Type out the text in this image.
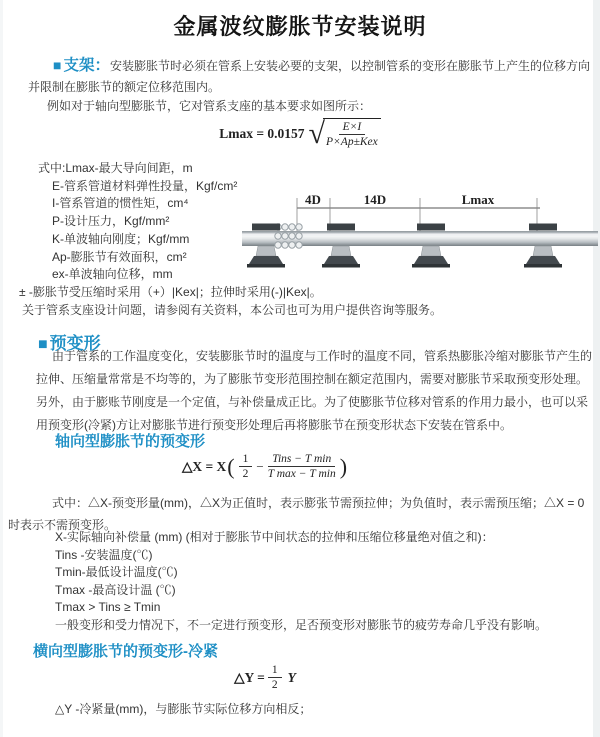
金属波纹膨胀节安装说明
■ 支架：安装膨胀节时必须在管系上安装必要的支架，以控制管系的变形在膨胀节上产生的位移方向并限制在膨胀节的额定位移范围内。
例如对于轴向型膨胀节，它对管系支座的基本要求如图所示：
Lmax = 0.0157 √ $\frac{E\times I}{\text{P×Ap±Kex}}$
式中:Lmax-最大导向间距，m
E-管系管道材料弹性投量，Kgf/cm²
I-管系管道的惯性矩，cm⁴
P-设计压力，Kgf/mm²
K-单波轴向刚度；Kgf/mm
Ap-膨胀节有效面积，cm²
ex-单波轴向位移，mm
± -膨胀节受压缩时采用（+）|Kex|；拉伸时采用(-)|Kex|。
关于管系支座设计问题，请参阅有关资料，本公司也可为用户提供咨询等服务。
4D	14D	Lmax
■ 预变形
由于管系的工作温度变化，安装膨胀节时的温度与工作时的温度不同，管系热膨胀冷缩对膨胀节产生的拉伸、压缩量常常是不均等的，为了膨胀节变形范围控制在额定范围内，需要对膨胀节采取预变形处理。另外，由于膨账节刚度是一个定值，与补偿量成正比。为了使膨胀节位移对管系的作用力最小，也可以采用预变形(冷紧)方让对膨胀节进行预变形处理后再将膨胀节在预变形状态下安装在管系中。
轴向型膨胀节的预变形
△X = X ( $\frac{1}{2} - \frac{\text{Tins − T min}}{\text{T max − T min}}$ )
式中：△X-预变形量(mm)，△X为正值时，表示膨张节需预拉伸；为负值时，表示需预压缩；△X = 0时表示不需预变形。
X-实际轴向补偿量 (mm) (相对于膨胀节中间状态的拉伸和压缩位移量绝对值之和)：
Tins -安装温度(℃)
Tmin-最低设计温度(℃)
Tmax -最高设计温 (℃)
Tmax > Tins ≥ Tmin
一般变形和受力情况下，不一定进行预变形，足否预变形对膨胀节的疲劳寿命几乎没有影响。
横向型膨胀节的预变形-冷紧
△Y = $\frac{1}{2}$ Y
△Y -冷紧量(mm)，与膨胀节实际位移方向相反；
